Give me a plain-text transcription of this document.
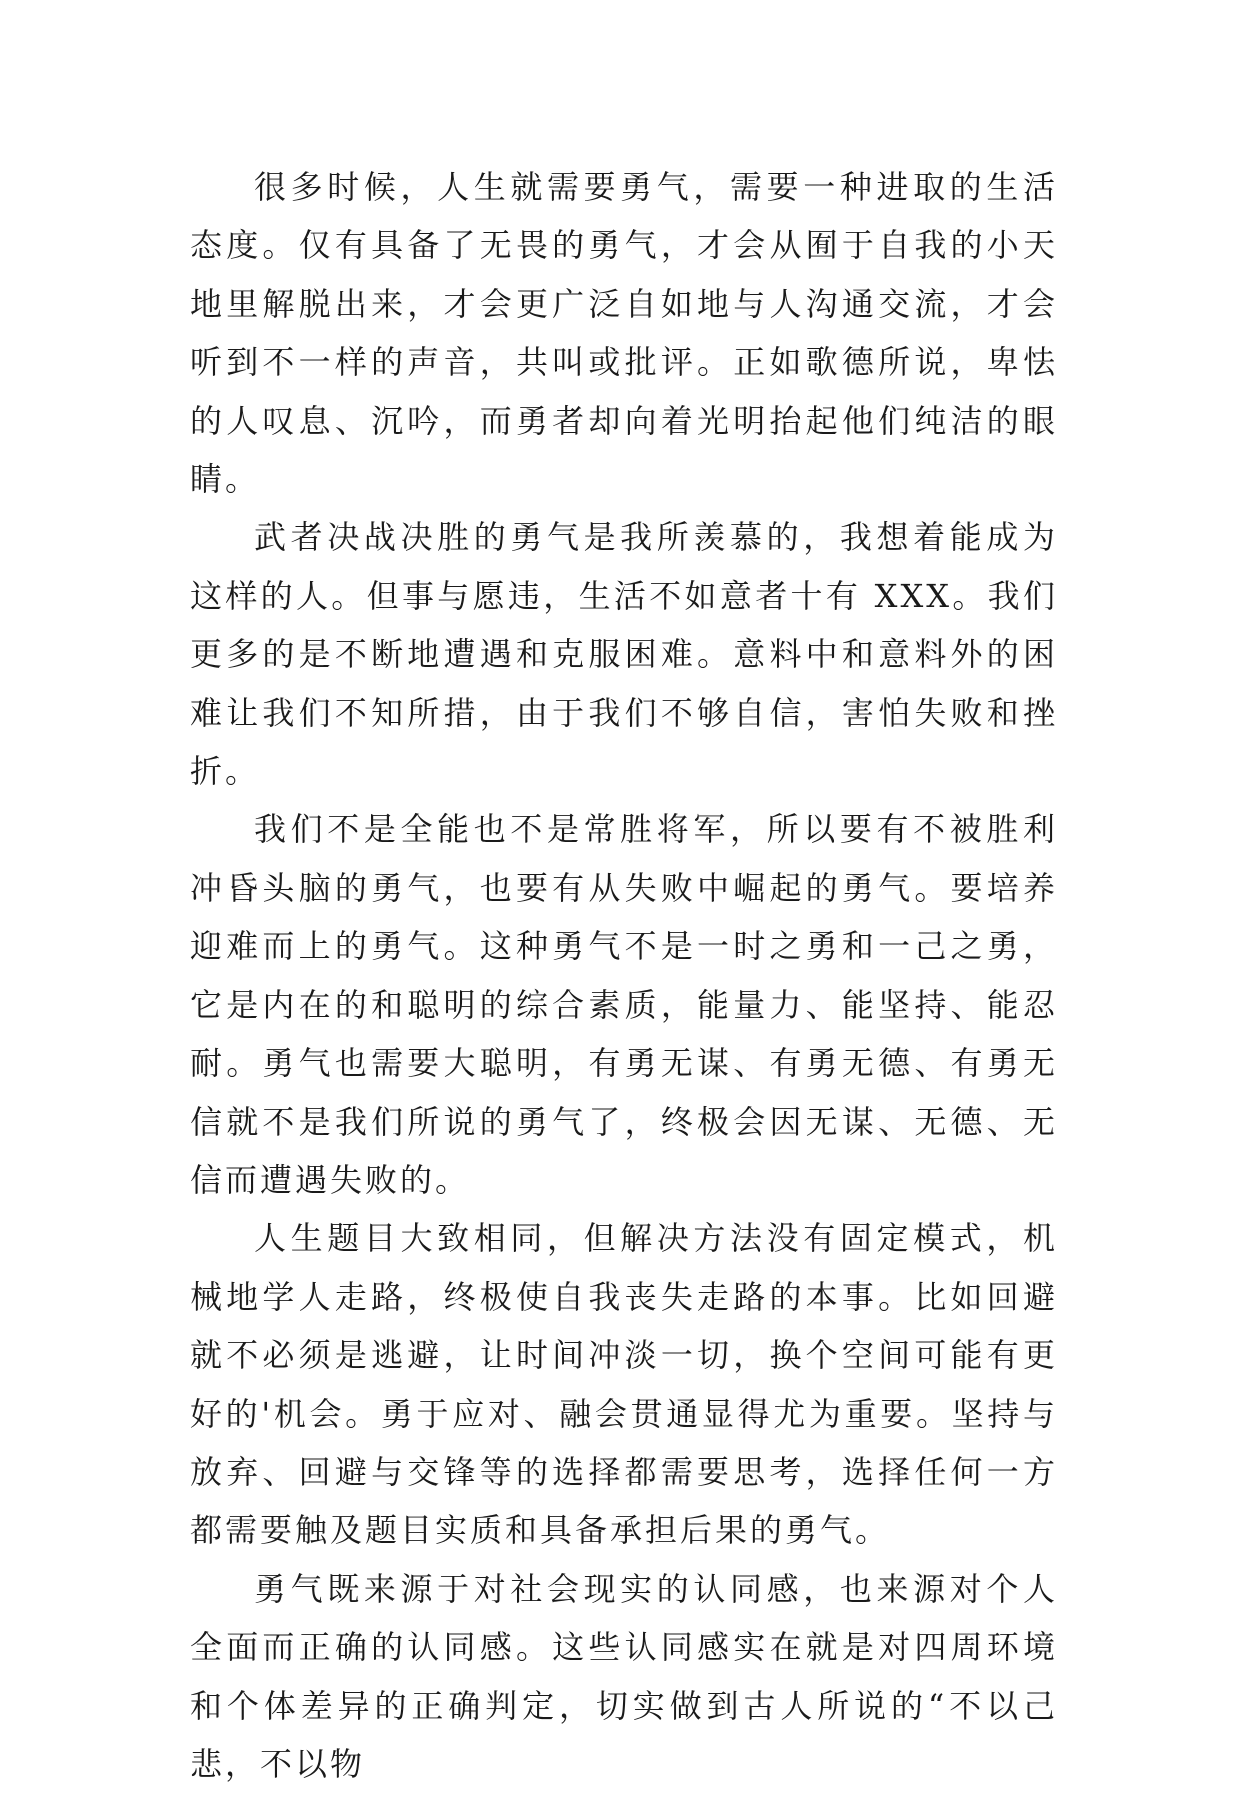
很多时候，人生就需要勇气，需要一种进取的生活态度。仅有具备了无畏的勇气，才会从囿于自我的小天地里解脱出来，才会更广泛自如地与人沟通交流，才会听到不一样的声音，共叫或批评。正如歌德所说，卑怯的人叹息、沉吟，而勇者却向着光明抬起他们纯洁的眼睛。

武者决战决胜的勇气是我所羡慕的，我想着能成为这样的人。但事与愿违，生活不如意者十有 XXX。我们更多的是不断地遭遇和克服困难。意料中和意料外的困难让我们不知所措，由于我们不够自信，害怕失败和挫折。

我们不是全能也不是常胜将军，所以要有不被胜利冲昏头脑的勇气，也要有从失败中崛起的勇气。要培养迎难而上的勇气。这种勇气不是一时之勇和一己之勇，它是内在的和聪明的综合素质，能量力、能坚持、能忍耐。勇气也需要大聪明，有勇无谋、有勇无德、有勇无信就不是我们所说的勇气了，终极会因无谋、无德、无信而遭遇失败的。

人生题目大致相同，但解决方法没有固定模式，机械地学人走路，终极使自我丧失走路的本事。比如回避就不必须是逃避，让时间冲淡一切，换个空间可能有更好的'机会。勇于应对、融会贯通显得尤为重要。坚持与放弃、回避与交锋等的选择都需要思考，选择任何一方都需要触及题目实质和具备承担后果的勇气。

勇气既来源于对社会现实的认同感，也来源对个人全面而正确的认同感。这些认同感实在就是对四周环境和个体差异的正确判定，切实做到古人所说的“不以己悲，不以物
